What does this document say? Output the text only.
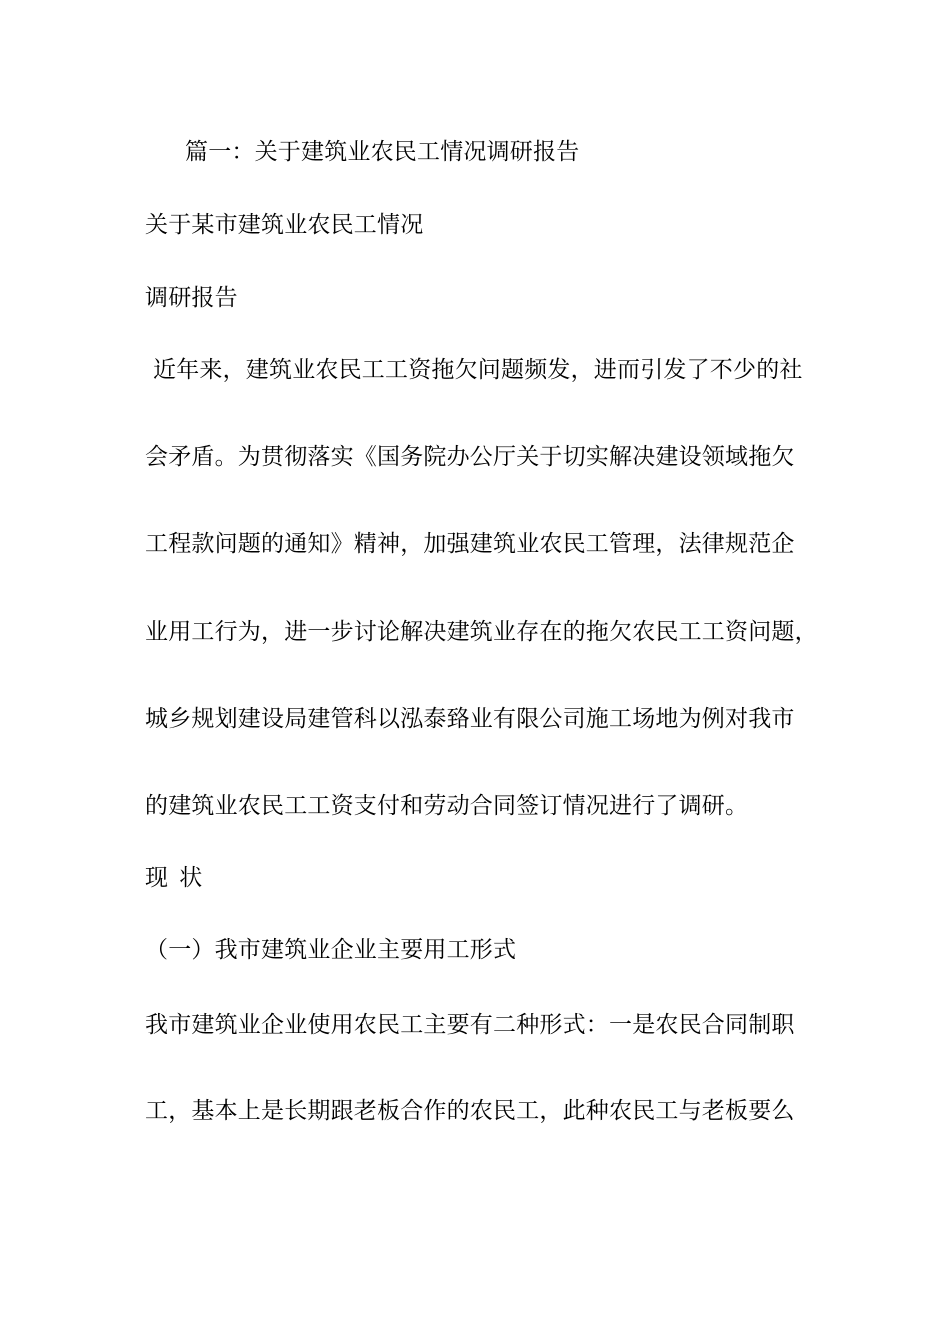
篇一：关于建筑业农民工情况调研报告
关于某市建筑业农民工情况
调研报告
近年来，建筑业农民工工资拖欠问题频发，进而引发了不少的社
会矛盾。为贯彻落实《国务院办公厅关于切实解决建设领域拖欠
工程款问题的通知》精神，加强建筑业农民工管理，法律规范企
业用工行为，进一步讨论解决建筑业存在的拖欠农民工工资问题，
城乡规划建设局建管科以泓泰臵业有限公司施工场地为例对我市
的建筑业农民工工资支付和劳动合同签订情况进行了调研。
现 状
（一）我市建筑业企业主要用工形式
我市建筑业企业使用农民工主要有二种形式：一是农民合同制职
工，基本上是长期跟老板合作的农民工，此种农民工与老板要么
